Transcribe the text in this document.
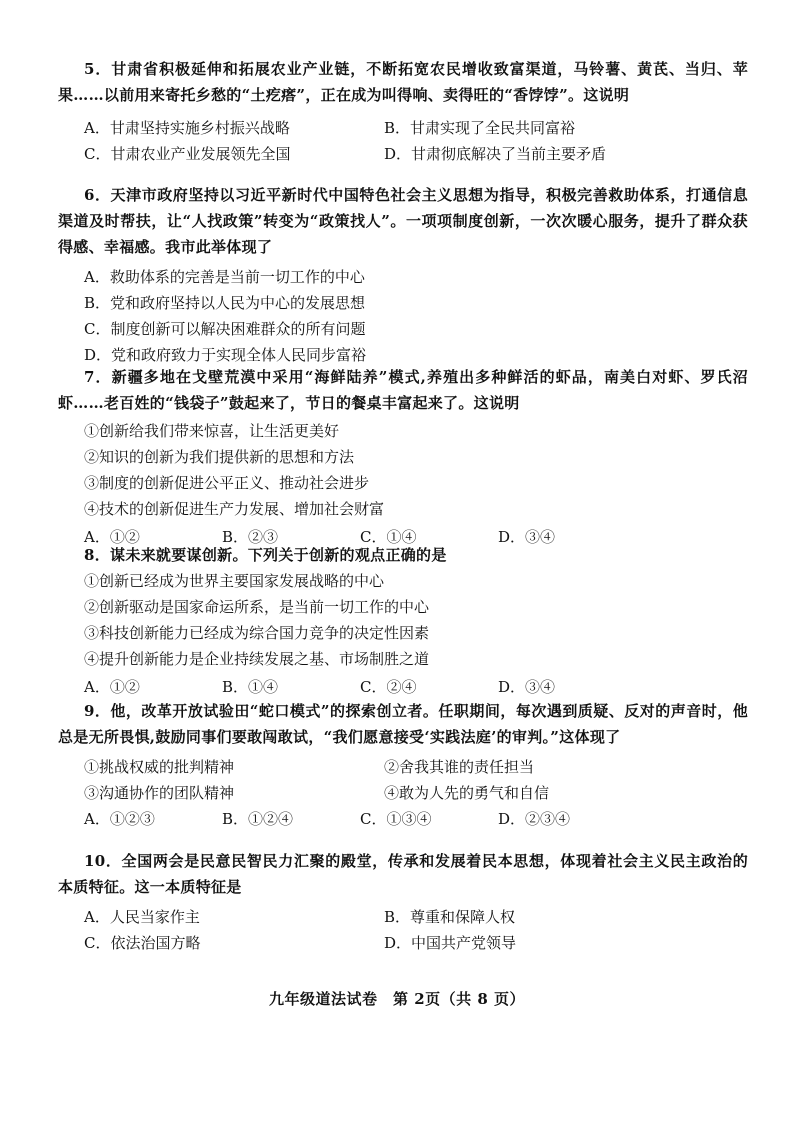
5．甘肃省积极延伸和拓展农业产业链，不断拓宽农民增收致富渠道，马铃薯、黄芪、当归、苹果……以前用来寄托乡愁的“土疙瘩”，正在成为叫得响、卖得旺的“香饽饽”。这说明

A．甘肃坚持实施乡村振兴战略	B．甘肃实现了全民共同富裕
C．甘肃农业产业发展领先全国	D．甘肃彻底解决了当前主要矛盾

6．天津市政府坚持以习近平新时代中国特色社会主义思想为指导，积极完善救助体系，打通信息渠道及时帮扶，让“人找政策”转变为“政策找人”。一项项制度创新，一次次暖心服务，提升了群众获得感、幸福感。我市此举体现了

A．救助体系的完善是当前一切工作的中心
B．党和政府坚持以人民为中心的发展思想
C．制度创新可以解决困难群众的所有问题
D．党和政府致力于实现全体人民同步富裕

7．新疆多地在戈壁荒漠中采用“海鲜陆养”模式,养殖出多种鲜活的虾品，南美白对虾、罗氏沼虾……老百姓的“钱袋子”鼓起来了，节日的餐桌丰富起来了。这说明

①创新给我们带来惊喜，让生活更美好
②知识的创新为我们提供新的思想和方法
③制度的创新促进公平正义、推动社会进步
④技术的创新促进生产力发展、增加社会财富
A．①②	B．②③	C．①④	D．③④

8．谋未来就要谋创新。下列关于创新的观点正确的是

①创新已经成为世界主要国家发展战略的中心
②创新驱动是国家命运所系，是当前一切工作的中心
③科技创新能力已经成为综合国力竞争的决定性因素
④提升创新能力是企业持续发展之基、市场制胜之道
A．①②	B．①④	C．②④	D．③④

9．他，改革开放试验田“蛇口模式”的探索创立者。任职期间，每次遇到质疑、反对的声音时，他总是无所畏惧,鼓励同事们要敢闯敢试，“我们愿意接受‘实践法庭’的审判。”这体现了

①挑战权威的批判精神	②舍我其谁的责任担当
③沟通协作的团队精神	④敢为人先的勇气和自信
A．①②③	B．①②④	C．①③④	D．②③④

10．全国两会是民意民智民力汇聚的殿堂，传承和发展着民本思想，体现着社会主义民主政治的本质特征。这一本质特征是

A．人民当家作主	B．尊重和保障人权
C．依法治国方略	D．中国共产党领导
九年级道法试卷　第 2页（共 8 页）
